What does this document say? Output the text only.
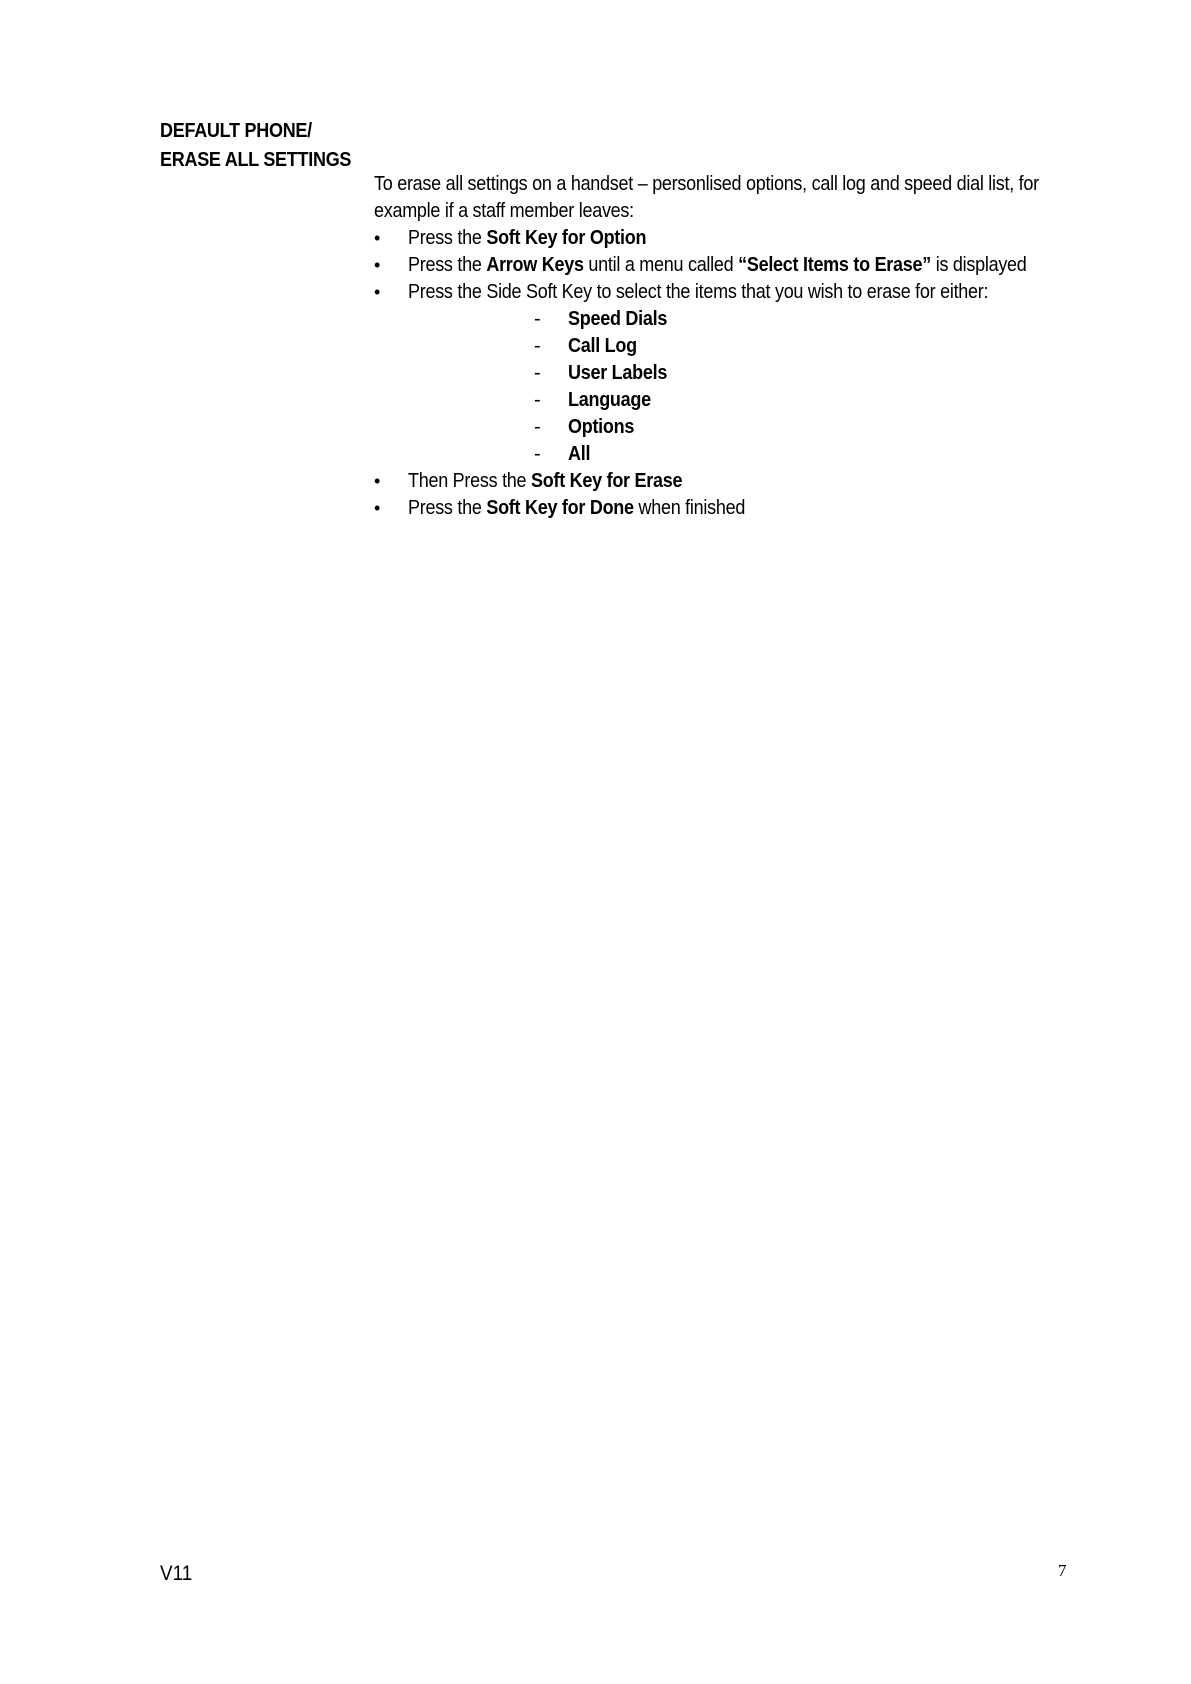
DEFAULT PHONE/
ERASE ALL SETTINGS

To erase all settings on a handset – personlised options, call log and speed dial list, for example if a staff member leaves:

•	Press the Soft Key for Option
•	Press the Arrow Keys until a menu called “Select Items to Erase” is displayed
•	Press the Side Soft Key to select the items that you wish to erase for either:
- Speed Dials
- Call Log
- User Labels
- Language
- Options
- All
•	Then Press the Soft Key for Erase
•	Press the Soft Key for Done when finished
V11	7
